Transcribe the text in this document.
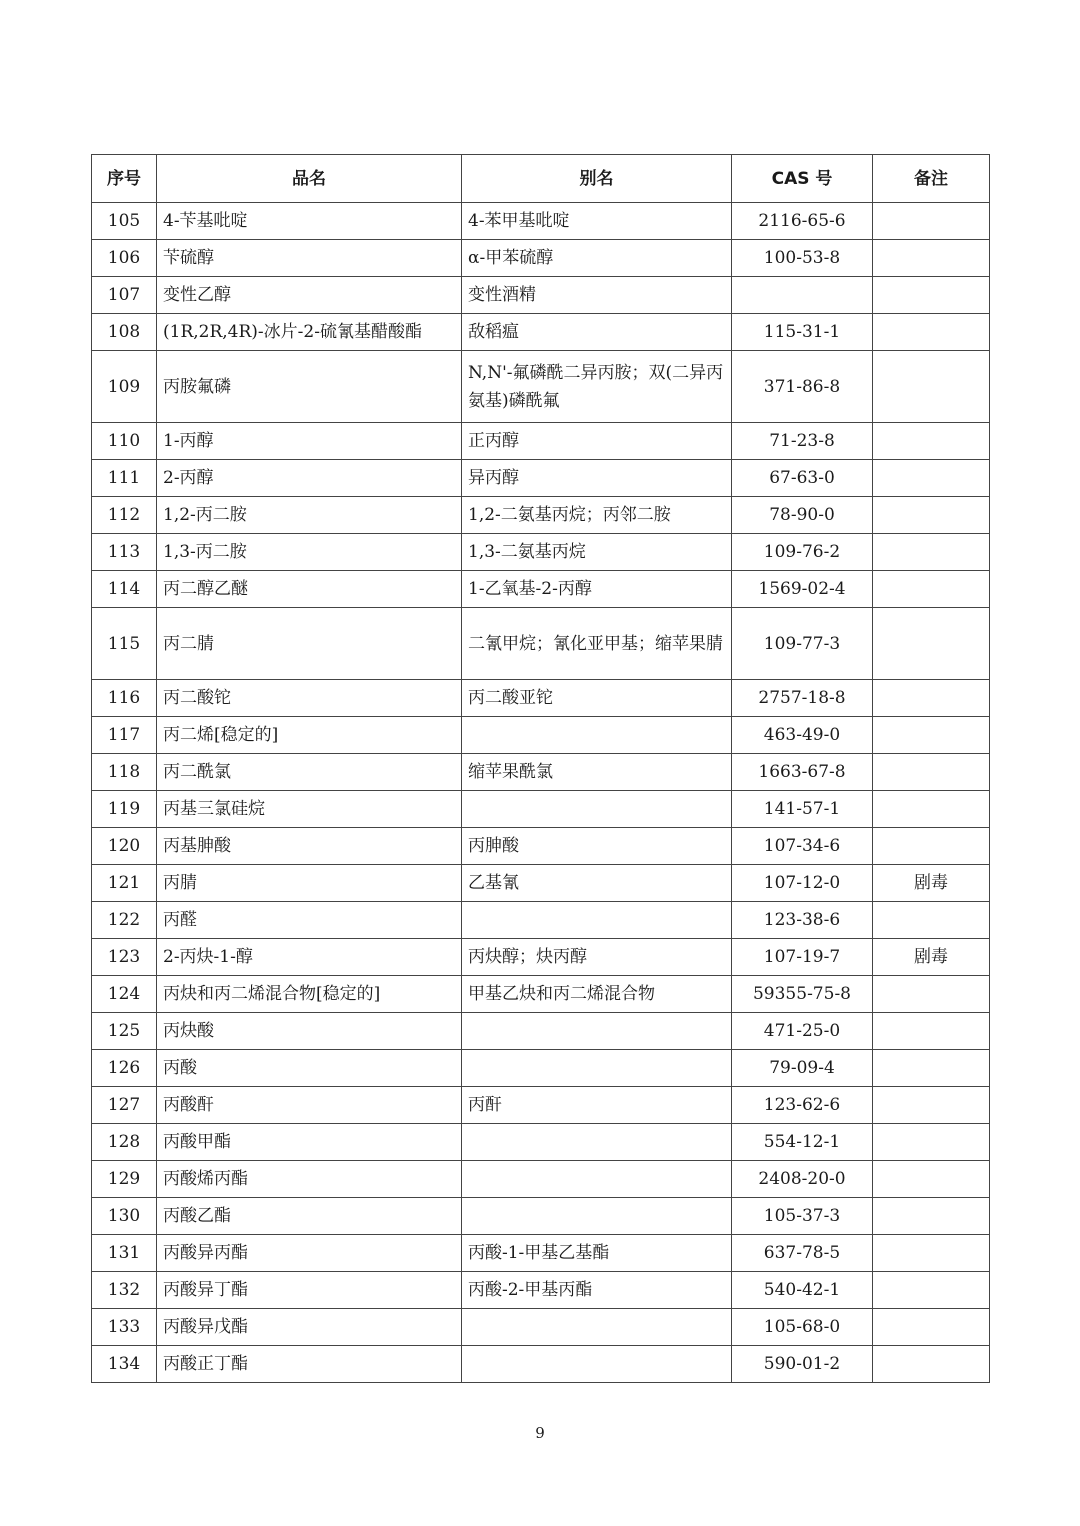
序号	品名	别名	CAS 号	备注
105	4-苄基吡啶	4-苯甲基吡啶	2116-65-6	
106	苄硫醇	α-甲苯硫醇	100-53-8	
107	变性乙醇	变性酒精		
108	(1R,2R,4R)-冰片-2-硫氰基醋酸酯	敌稻瘟	115-31-1	
109	丙胺氟磷	N,N'-氟磷酰二异丙胺；双(二异丙氨基)磷酰氟	371-86-8	
110	1-丙醇	正丙醇	71-23-8	
111	2-丙醇	异丙醇	67-63-0	
112	1,2-丙二胺	1,2-二氨基丙烷；丙邻二胺	78-90-0	
113	1,3-丙二胺	1,3-二氨基丙烷	109-76-2	
114	丙二醇乙醚	1-乙氧基-2-丙醇	1569-02-4	
115	丙二腈	二氰甲烷；氰化亚甲基；缩苹果腈	109-77-3	
116	丙二酸铊	丙二酸亚铊	2757-18-8	
117	丙二烯[稳定的]		463-49-0	
118	丙二酰氯	缩苹果酰氯	1663-67-8	
119	丙基三氯硅烷		141-57-1	
120	丙基胂酸	丙胂酸	107-34-6	
121	丙腈	乙基氰	107-12-0	剧毒
122	丙醛		123-38-6	
123	2-丙炔-1-醇	丙炔醇；炔丙醇	107-19-7	剧毒
124	丙炔和丙二烯混合物[稳定的]	甲基乙炔和丙二烯混合物	59355-75-8	
125	丙炔酸		471-25-0	
126	丙酸		79-09-4	
127	丙酸酐	丙酐	123-62-6	
128	丙酸甲酯		554-12-1	
129	丙酸烯丙酯		2408-20-0	
130	丙酸乙酯		105-37-3	
131	丙酸异丙酯	丙酸-1-甲基乙基酯	637-78-5	
132	丙酸异丁酯	丙酸-2-甲基丙酯	540-42-1	
133	丙酸异戊酯		105-68-0	
134	丙酸正丁酯		590-01-2	
9
